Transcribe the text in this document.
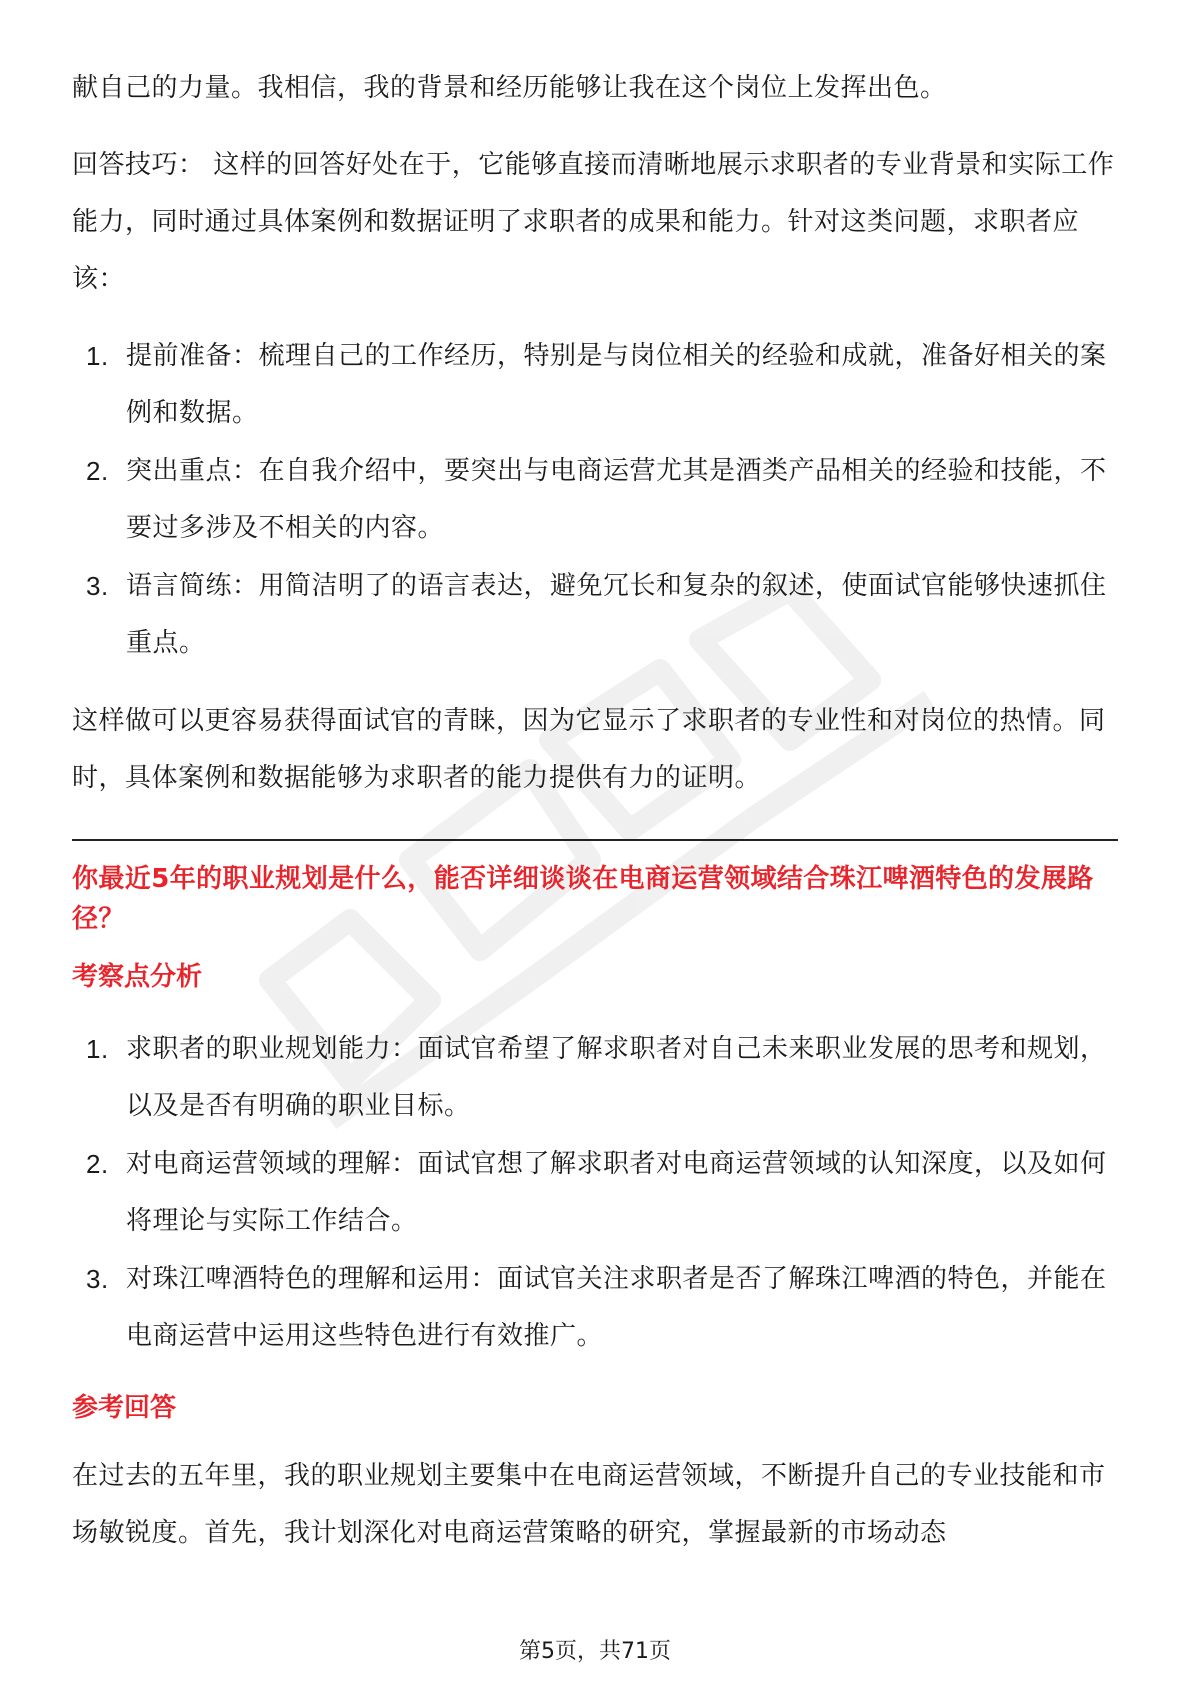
献自己的力量。我相信，我的背景和经历能够让我在这个岗位上发挥出色。

回答技巧： 这样的回答好处在于，它能够直接而清晰地展示求职者的专业背景和实际工作能力，同时通过具体案例和数据证明了求职者的成果和能力。针对这类问题，求职者应该：

1. 提前准备：梳理自己的工作经历，特别是与岗位相关的经验和成就，准备好相关的案例和数据。
2. 突出重点：在自我介绍中，要突出与电商运营尤其是酒类产品相关的经验和技能，不要过多涉及不相关的内容。
3. 语言简练：用简洁明了的语言表达，避免冗长和复杂的叙述，使面试官能够快速抓住重点。

这样做可以更容易获得面试官的青睐，因为它显示了求职者的专业性和对岗位的热情。同时，具体案例和数据能够为求职者的能力提供有力的证明。

你最近5年的职业规划是什么，能否详细谈谈在电商运营领域结合珠江啤酒特色的发展路径？
考察点分析
1. 求职者的职业规划能力：面试官希望了解求职者对自己未来职业发展的思考和规划，以及是否有明确的职业目标。
2. 对电商运营领域的理解：面试官想了解求职者对电商运营领域的认知深度，以及如何将理论与实际工作结合。
3. 对珠江啤酒特色的理解和运用：面试官关注求职者是否了解珠江啤酒的特色，并能在电商运营中运用这些特色进行有效推广。
参考回答

在过去的五年里，我的职业规划主要集中在电商运营领域，不断提升自己的专业技能和市场敏锐度。首先，我计划深化对电商运营策略的研究，掌握最新的市场动态

第5页，共71页
